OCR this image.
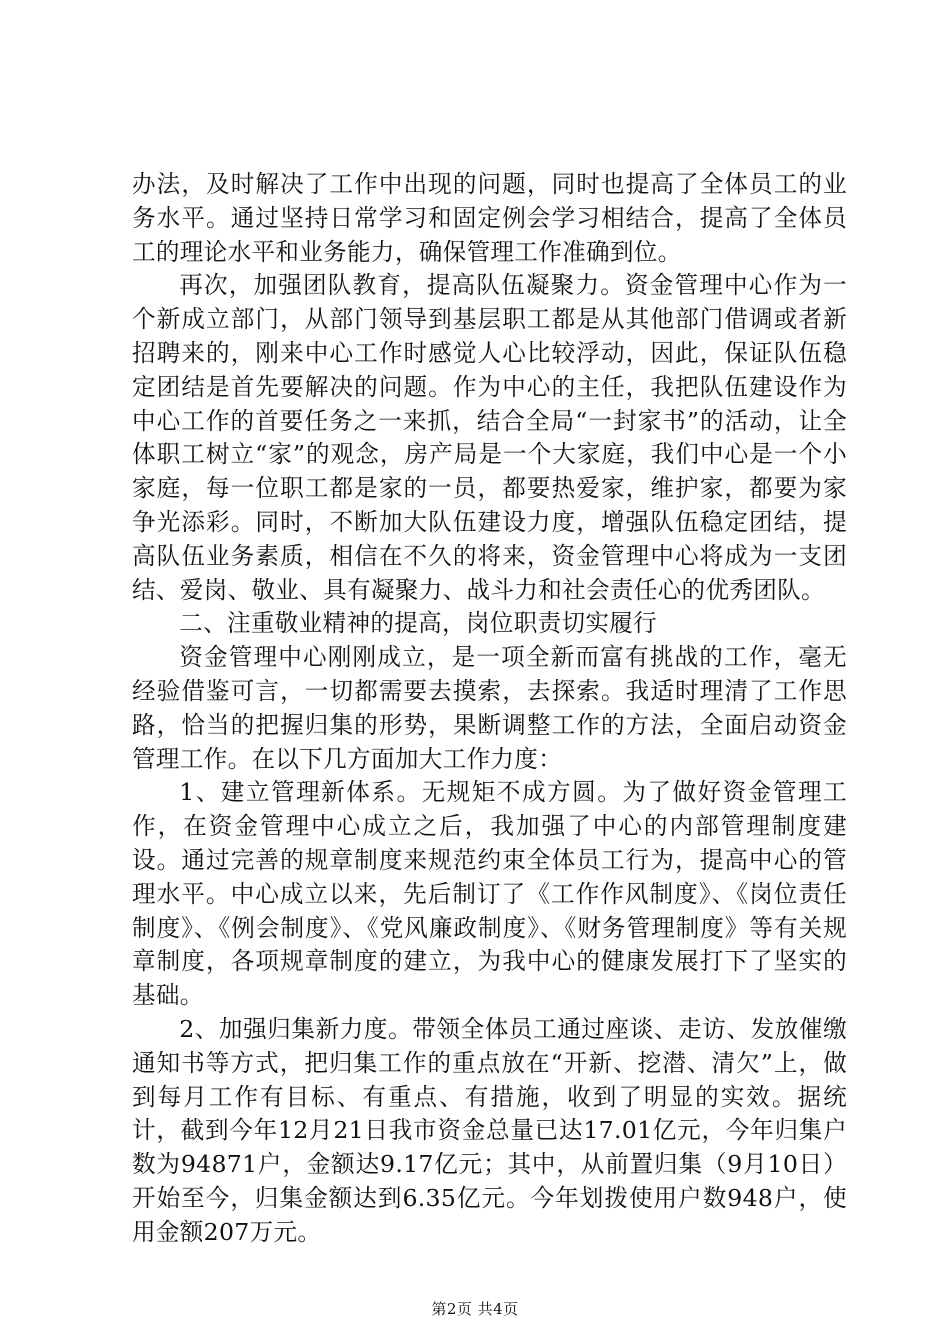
办法，及时解决了工作中出现的问题，同时也提高了全体员工的业务水平。通过坚持日常学习和固定例会学习相结合，提高了全体员工的理论水平和业务能力，确保管理工作准确到位。

再次，加强团队教育，提高队伍凝聚力。资金管理中心作为一个新成立部门，从部门领导到基层职工都是从其他部门借调或者新招聘来的，刚来中心工作时感觉人心比较浮动，因此，保证队伍稳定团结是首先要解决的问题。作为中心的主任，我把队伍建设作为中心工作的首要任务之一来抓，结合全局“一封家书”的活动，让全体职工树立“家”的观念，房产局是一个大家庭，我们中心是一个小家庭，每一位职工都是家的一员，都要热爱家，维护家，都要为家争光添彩。同时，不断加大队伍建设力度，增强队伍稳定团结，提高队伍业务素质，相信在不久的将来，资金管理中心将成为一支团结、爱岗、敬业、具有凝聚力、战斗力和社会责任心的优秀团队。

二、注重敬业精神的提高，岗位职责切实履行

资金管理中心刚刚成立，是一项全新而富有挑战的工作，毫无经验借鉴可言，一切都需要去摸索，去探索。我适时理清了工作思路，恰当的把握归集的形势，果断调整工作的方法，全面启动资金管理工作。在以下几方面加大工作力度：

1、建立管理新体系。无规矩不成方圆。为了做好资金管理工作，在资金管理中心成立之后，我加强了中心的内部管理制度建设。通过完善的规章制度来规范约束全体员工行为，提高中心的管理水平。中心成立以来，先后制订了《工作作风制度》、《岗位责任制度》、《例会制度》、《党风廉政制度》、《财务管理制度》等有关规章制度，各项规章制度的建立，为我中心的健康发展打下了坚实的基础。

2、加强归集新力度。带领全体员工通过座谈、走访、发放催缴通知书等方式，把归集工作的重点放在“开新、挖潜、清欠”上，做到每月工作有目标、有重点、有措施，收到了明显的实效。据统计，截到今年12月21日我市资金总量已达17.01亿元，今年归集户数为94871户，金额达9.17亿元；其中，从前置归集（9月10日）开始至今，归集金额达到6.35亿元。今年划拨使用户数948户，使用金额207万元。

第2页 共4页
